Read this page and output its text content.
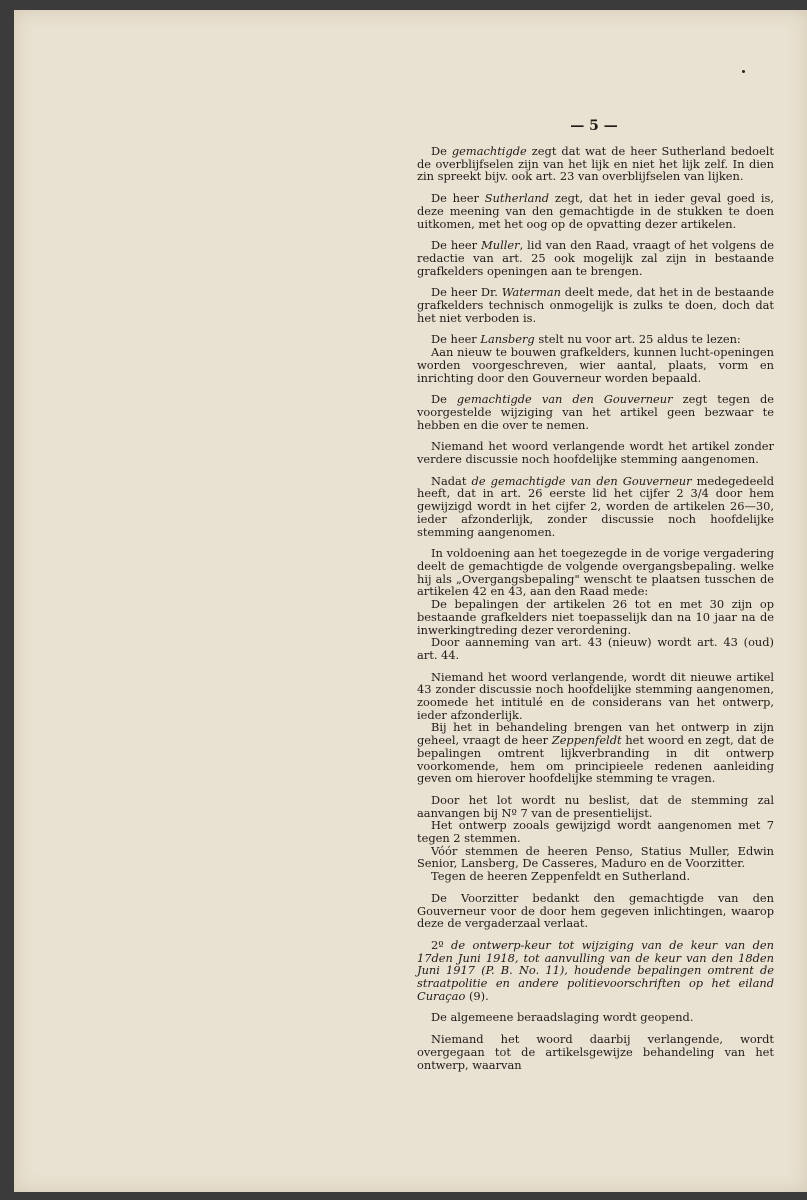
— 5 —

De gemachtigde zegt dat wat de heer Sutherland bedoelt de overblijfselen zijn van het lijk en niet het lijk zelf. In dien zin spreekt bijv. ook art. 23 van overblijfselen van lijken.

De heer Sutherland zegt, dat het in ieder geval goed is, deze meening van den gemachtigde in de stukken te doen uitkomen, met het oog op de opvatting dezer artikelen.

De heer Muller, lid van den Raad, vraagt of het volgens de redactie van art. 25 ook mogelijk zal zijn in bestaande grafkelders openingen aan te brengen.

De heer Dr. Waterman deelt mede, dat het in de bestaande grafkelders technisch onmogelijk is zulks te doen, doch dat het niet verboden is.

De heer Lansberg stelt nu voor art. 25 aldus te lezen:

Aan nieuw te bouwen grafkelders, kunnen lucht-openingen worden voorgeschreven, wier aantal, plaats, vorm en inrichting door den Gouverneur worden bepaald.

De gemachtigde van den Gouverneur zegt tegen de voorgestelde wijziging van het artikel geen bezwaar te hebben en die over te nemen.

Niemand het woord verlangende wordt het artikel zonder verdere discussie noch hoofdelijke stemming aangenomen.

Nadat de gemachtigde van den Gouverneur medegedeeld heeft, dat in art. 26 eerste lid het cijfer 2 3/4 door hem gewijzigd wordt in het cijfer 2, worden de artikelen 26—30, ieder afzonderlijk, zonder discussie noch hoofdelijke stemming aangenomen.

In voldoening aan het toegezegde in de vorige vergadering deelt de gemachtigde de volgende overgangsbepaling. welke hij als „Overgangsbepaling" wenscht te plaatsen tusschen de artikelen 42 en 43, aan den Raad mede:

De bepalingen der artikelen 26 tot en met 30 zijn op bestaande grafkelders niet toepasselijk dan na 10 jaar na de inwerkingtreding dezer verordening.

Door aanneming van art. 43 (nieuw) wordt art. 43 (oud) art. 44.

Niemand het woord verlangende, wordt dit nieuwe artikel 43 zonder discussie noch hoofdelijke stemming aangenomen, zoomede het intitulé en de considerans van het ontwerp, ieder afzonderlijk.

Bij het in behandeling brengen van het ontwerp in zijn geheel, vraagt de heer Zeppenfeldt het woord en zegt, dat de bepalingen omtrent lijkverbranding in dit ontwerp voorkomende, hem om principieele redenen aanleiding geven om hierover hoofdelijke stemming te vragen.

Door het lot wordt nu beslist, dat de stemming zal aanvangen bij Nº 7 van de presentielijst.

Het ontwerp zooals gewijzigd wordt aangenomen met 7 tegen 2 stemmen.

Vóór stemmen de heeren Penso, Statius Muller, Edwin Senior, Lansberg, De Casseres, Maduro en de Voorzitter.

Tegen de heeren Zeppenfeldt en Sutherland.

De Voorzitter bedankt den gemachtigde van den Gouverneur voor de door hem gegeven inlichtingen, waarop deze de vergaderzaal verlaat.

2º de ontwerp-keur tot wijziging van de keur van den 17den Juni 1918, tot aanvulling van de keur van den 18den Juni 1917 (P. B. No. 11), houdende bepalingen omtrent de straatpolitie en andere politievoorschriften op het eiland Curaçao (9).

De algemeene beraadslaging wordt geopend.

Niemand het woord daarbij verlangende, wordt overgegaan tot de artikelsgewijze behandeling van het ontwerp, waarvan
